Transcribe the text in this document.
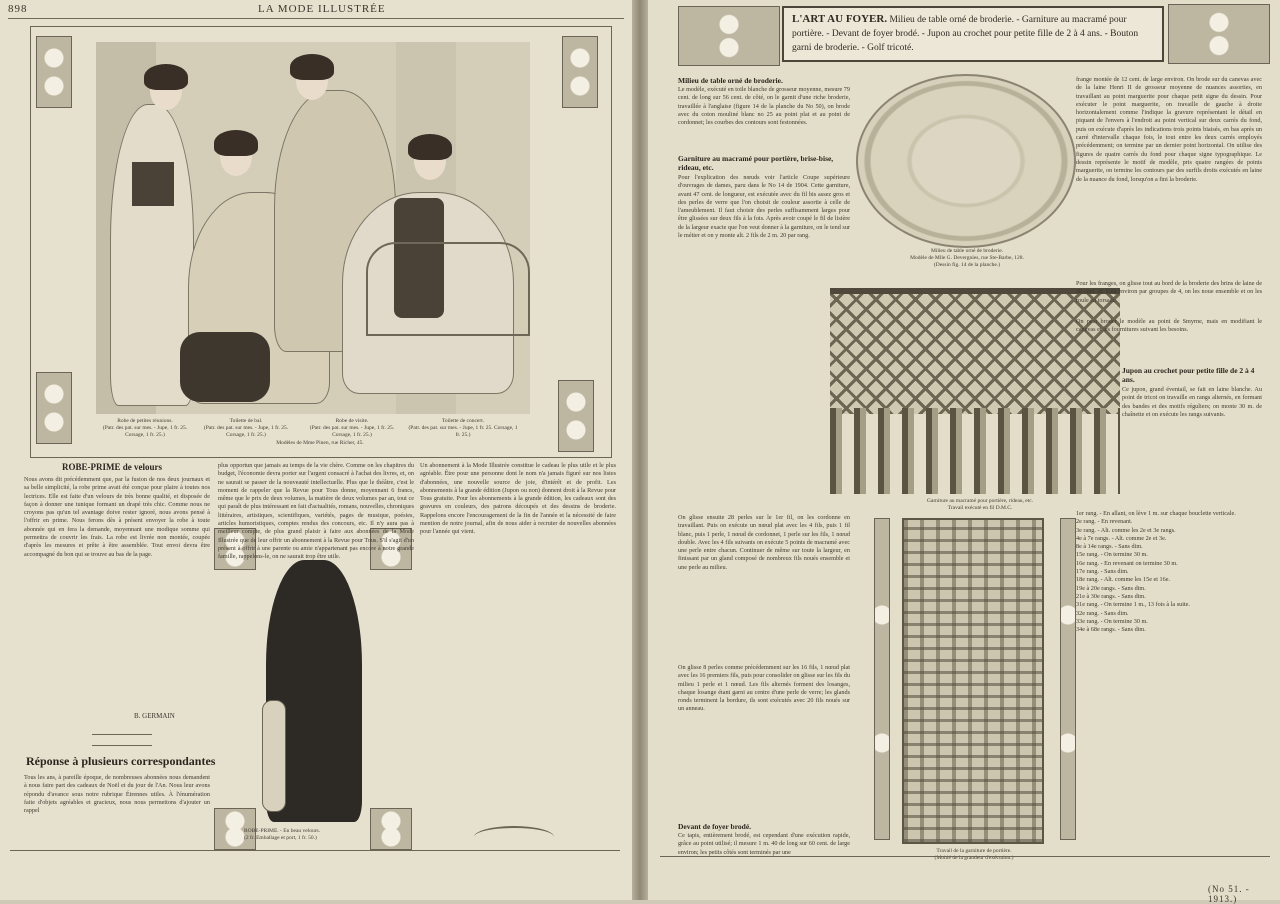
898	LA MODE ILLUSTRÉE
Robe de petites réunions.
(Patr. des pat. sur mes. - Jupe, 1 fr. 25. Corsage, 1 fr. 25.)
Toilette de bal.
(Patr. des pat. sur mes. - Jupe, 1 fr. 25. Corsage, 1 fr. 25.)
Robe de visite.
(Patr. des pat. sur mes. - Jupe, 1 fr. 25. Corsage, 1 fr. 25.)
Toilette de concert.
(Patr. des pat. sur mes. - Jupe, 1 fr. 25. Corsage, 1 fr. 25.)
Modèles de Mme Pinen, rue Richer, 45.
ROBE-PRIME de velours
Nous avons dit précédemment que, par la fusion de nos deux journaux et sa belle simplicité, la robe prime avait été conçue pour plaire à toutes nos lectrices. Elle est faite d'un velours de très bonne qualité, et disposée de façon à donner une tunique formant un drapé très chic. Comme nous ne croyons pas qu'un tel avantage doive rester ignoré, nous avons pensé à l'offrir en prime. Nous ferons dès à présent envoyer la robe à toute abonnée qui en fera la demande, moyennant une modique somme qui permettra de couvrir les frais. La robe est livrée non montée, coupée d'après les mesures et prête à être assemblée. Tout envoi devra être accompagné du bon qui se trouve au bas de la page.
B. GERMAIN
Réponse à plusieurs correspondantes
Tous les ans, à pareille époque, de nombreuses abonnées nous demandent à nous faire part des cadeaux de Noël et du jour de l'An. Nous leur avons répondu d'avance sous notre rubrique Étrennes utiles. À l'énumération faite d'objets agréables et gracieux, nous nous permettons d'ajouter un rappel
ROBE-PRIME. - En beau velours.
(2 fr. Emballage et port, 1 fr. 50.)
plus opportun que jamais au temps de la vie chère. Comme on les chapitres du budget, l'économie devra porter sur l'argent consacré à l'achat des livres, et, on ne saurait se passer de la nouveauté intellectuelle. Plus que le théâtre, c'est le moment de rappeler que la Revue pour Tous donne, moyennant 6 francs, même que le prix de deux volumes, la matière de deux volumes par an, tout ce qui paraît de plus intéressant en fait d'actualités, romans, nouvelles, chroniques littéraires, artistiques, scientifiques, variétés, pages de musique, poésies, articles humoristiques, comptes rendus des concours, etc. Il n'y aura pas à meilleur compte, de plus grand plaisir à faire aux abonnées de la Mode Illustrée que de leur offrir un abonnement à la Revue pour Tous. S'il s'agit d'un présent à offrir à une parente ou amie n'appartenant pas encore à notre grande famille, rappelons-le, on ne saurait trop être utile.
Un abonnement à la Mode Illustrée constitue le cadeau le plus utile et le plus agréable. Être pour une personne dont le nom n'a jamais figuré sur nos listes d'abonnées, une nouvelle source de joie, d'intérêt et de profit. Les abonnements à la grande édition (Jupon ou non) donnent droit à la Revue pour Tous gratuite. Pour les abonnements à la grande édition, les cadeaux sont des gravures en couleurs, des patrons découpés et des dessins de broderie. Rappelons encore l'encouragement de la fin de l'année et la nécessité de faire mention de notre journal, afin de nous aider à recruter de nouvelles abonnées pour l'année qui vient.
L'ART AU FOYER. Milieu de table orné de broderie. - Garniture au macramé pour portière. - Devant de foyer brodé. - Jupon au crochet pour petite fille de 2 à 4 ans. - Bouton garni de broderie. - Golf tricoté.
Milieu de table orné de broderie.
Le modèle, exécuté en toile blanche de grosseur moyenne, mesure 79 cent. de long sur 56 cent. de côté, on le garnit d'une riche broderie, travaillée à l'anglaise (figure 14 de la planche du No 50), on brode avec du coton mouliné blanc no 25 au point plat et au point de cordonnet; les courbes des contours sont festonnées.
Garniture au macramé pour portière, brise-bise, rideau, etc.
Pour l'explication des nœuds voir l'article Coupe supérieure d'ouvrages de dames, paru dans le No 14 de 1904. Cette garniture, avant 47 cent. de longueur, est exécutée avec du fil bis assez gros et des perles de verre que l'on choisit de couleur assortie à celle de l'ameublement. Il faut choisir des perles suffisamment larges pour être glissées sur deux fils à la fois. Après avoir coupé le fil de lisière de la largeur exacte que l'on veut donner à la garniture, on le tend sur le métier et on y monte alt. 2 fils de 2 m. 20 par rang.
On glisse ensuite 28 perles sur le 1er fil, on les cordonne en travaillant. Puis on exécute un nœud plat avec les 4 fils, puis 1 fil blanc, puis 1 perle, 1 nœud de cordonnet, 1 perle sur les fils, 1 nœud double. Avec les 4 fils suivants on exécute 5 points de macramé avec une perle entre chacun. Continuer de même sur toute la largeur, en finissant par un gland composé de nombreux fils noués ensemble et une perle au milieu.
On glisse 8 perles comme précédemment sur les 16 fils, 1 nœud plat avec les 16 premiers fils, puis pour consolider on glisse sur les fils du milieu 1 perle et 1 nœud. Les fils alternés forment des losanges, chaque losange étant garni au centre d'une perle de verre; les glands ronds terminent la bordure, ils sont exécutés avec 20 fils noués sur un anneau.
Devant de foyer brodé.
Ce tapis, entièrement brodé, est cependant d'une exécution rapide, grâce au point utilisé; il mesure 1 m. 40 de long sur 60 cent. de large environ; les petits côtés sont terminés par une
Milieu de table orné de broderie.
Modèle de Mlle G. Devergnies, rue Ste-Barbe, 128.
(Dessin fig. 14 de la planche.)
Garniture au macramé pour portière, rideau, etc.
Travail exécuté en fil D.M.C.
Travail de la garniture de portière.
(Moitié de la grandeur d'exécution.)
frange montée de 12 cent. de large environ. On brode sur du canevas avec de la laine Henri II de grosseur moyenne de nuances assorties, en travaillant au point marguerite pour chaque petit signe du dessin. Pour exécuter le point marguerite, on travaille de gauche à droite horizontalement comme l'indique la gravure représentant le détail en piquant de l'envers à l'endroit au point vertical sur deux carrés du fond, puis on exécute d'après les indications trois points biaisés, en bas après un carré d'intervalle chaque fois, le tout entre les deux carrés employés précédemment; on termine par un dernier point horizontal. On utilise des figures de quatre carrés du fond pour chaque signe typographique. Le dessin représente le motif de modèle, pris quatre rangées de points marguerite, on termine les contours par des surfils droits exécutés en laine de la nuance du fond, lorsqu'on a fini la broderie.
Pour les franges, on glisse tout au bord de la broderie des brins de laine de 30 cent. de long environ par groupes de 4, on les noue ensemble et on les roule en torsade.
On peut broder le modèle au point de Smyrne, mais en modifiant le canevas et les fournitures suivant les besoins.
Jupon au crochet pour petite fille de 2 à 4 ans.
Ce jupon, grand éventail, se fait en laine blanche. Au point de tricot on travaille en rangs alternés, en formant des bandes et des motifs réguliers; on monte 30 m. de chaînette et on exécute les rangs suivants.
1er rang. - En allant, on lève 1 m. sur chaque bouclette verticale.
2e rang. - En revenant.
3e rang. - Alt. comme les 2e et 3e rangs.
4e à 7e rangs. - Alt. comme 2e et 3e.
8e à 14e rangs. - Sans dim.
15e rang. - On termine 30 m.
16e rang. - En revenant on termine 30 m.
17e rang. - Sans dim.
18e rang. - Alt. comme les 15e et 16e.
19e à 20e rangs. - Sans dim.
21e à 30e rangs. - Sans dim.
31e rang. - On termine 1 m., 13 fois à la suite.
32e rang. - Sans dim.
33e rang. - On termine 30 m.
34e à 68e rangs. - Sans dim.
(No 51. - 1913.)
